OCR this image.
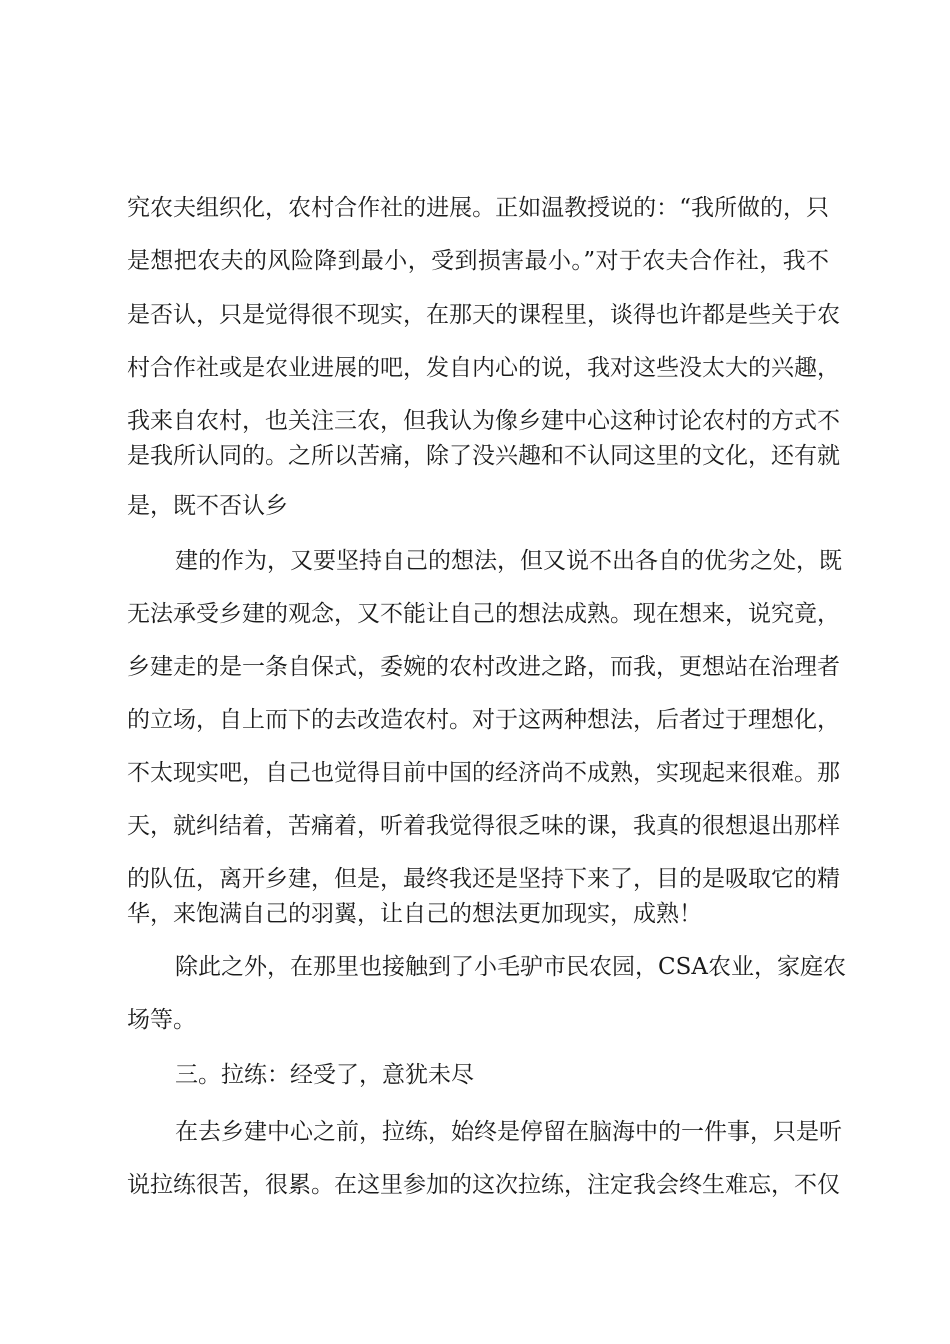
究农夫组织化，农村合作社的进展。正如温教授说的：“我所做的，只
是想把农夫的风险降到最小，受到损害最小。”对于农夫合作社，我不
是否认，只是觉得很不现实，在那天的课程里，谈得也许都是些关于农
村合作社或是农业进展的吧，发自内心的说，我对这些没太大的兴趣，
我来自农村，也关注三农，但我认为像乡建中心这种讨论农村的方式不
是我所认同的。之所以苦痛，除了没兴趣和不认同这里的文化，还有就
是，既不否认乡
建的作为，又要坚持自己的想法，但又说不出各自的优劣之处，既
无法承受乡建的观念，又不能让自己的想法成熟。现在想来，说究竟，
乡建走的是一条自保式，委婉的农村改进之路，而我，更想站在治理者
的立场，自上而下的去改造农村。对于这两种想法，后者过于理想化，
不太现实吧，自己也觉得目前中国的经济尚不成熟，实现起来很难。那
天，就纠结着，苦痛着，听着我觉得很乏味的课，我真的很想退出那样
的队伍，离开乡建，但是，最终我还是坚持下来了，目的是吸取它的精
华，来饱满自己的羽翼，让自己的想法更加现实，成熟！
除此之外，在那里也接触到了小毛驴市民农园，CSA农业，家庭农
场等。
三。拉练：经受了，意犹未尽
在去乡建中心之前，拉练，始终是停留在脑海中的一件事，只是听
说拉练很苦，很累。在这里参加的这次拉练，注定我会终生难忘，不仅
